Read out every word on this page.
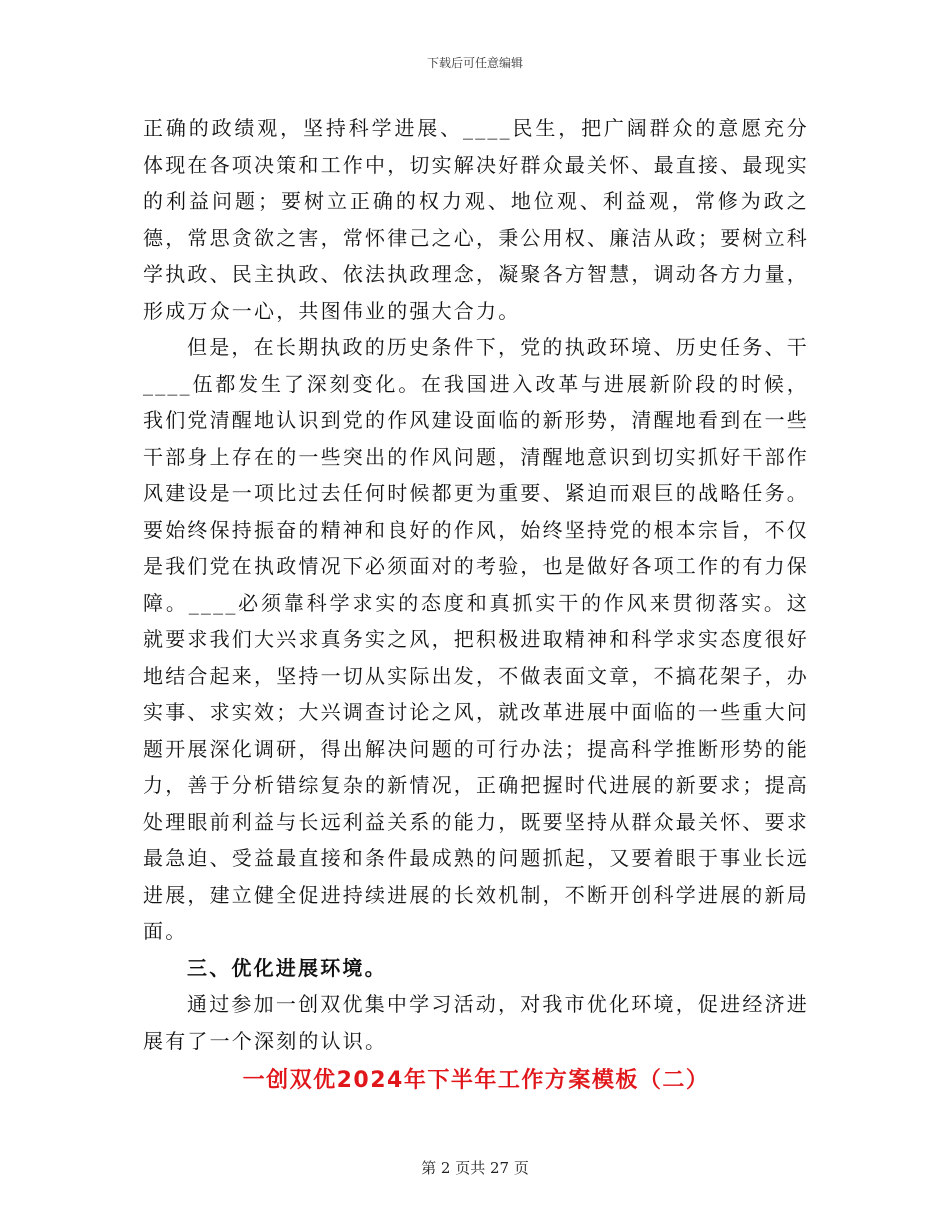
下载后可任意编辑

正确的政绩观，坚持科学进展、____民生，把广阔群众的意愿充分体现在各项决策和工作中，切实解决好群众最关怀、最直接、最现实的利益问题；要树立正确的权力观、地位观、利益观，常修为政之德，常思贪欲之害，常怀律己之心，秉公用权、廉洁从政；要树立科学执政、民主执政、依法执政理念，凝聚各方智慧，调动各方力量，形成万众一心，共图伟业的强大合力。

但是，在长期执政的历史条件下，党的执政环境、历史任务、干____伍都发生了深刻变化。在我国进入改革与进展新阶段的时候，我们党清醒地认识到党的作风建设面临的新形势，清醒地看到在一些干部身上存在的一些突出的作风问题，清醒地意识到切实抓好干部作风建设是一项比过去任何时候都更为重要、紧迫而艰巨的战略任务。要始终保持振奋的精神和良好的作风，始终坚持党的根本宗旨，不仅是我们党在执政情况下必须面对的考验，也是做好各项工作的有力保障。____必须靠科学求实的态度和真抓实干的作风来贯彻落实。这就要求我们大兴求真务实之风，把积极进取精神和科学求实态度很好地结合起来，坚持一切从实际出发，不做表面文章，不搞花架子，办实事、求实效；大兴调查讨论之风，就改革进展中面临的一些重大问题开展深化调研，得出解决问题的可行办法；提高科学推断形势的能力，善于分析错综复杂的新情况，正确把握时代进展的新要求；提高处理眼前利益与长远利益关系的能力，既要坚持从群众最关怀、要求最急迫、受益最直接和条件最成熟的问题抓起，又要着眼于事业长远进展，建立健全促进持续进展的长效机制，不断开创科学进展的新局面。

三、优化进展环境。

通过参加一创双优集中学习活动，对我市优化环境，促进经济进展有了一个深刻的认识。

一创双优2024年下半年工作方案模板（二）

第 2 页共 27 页
